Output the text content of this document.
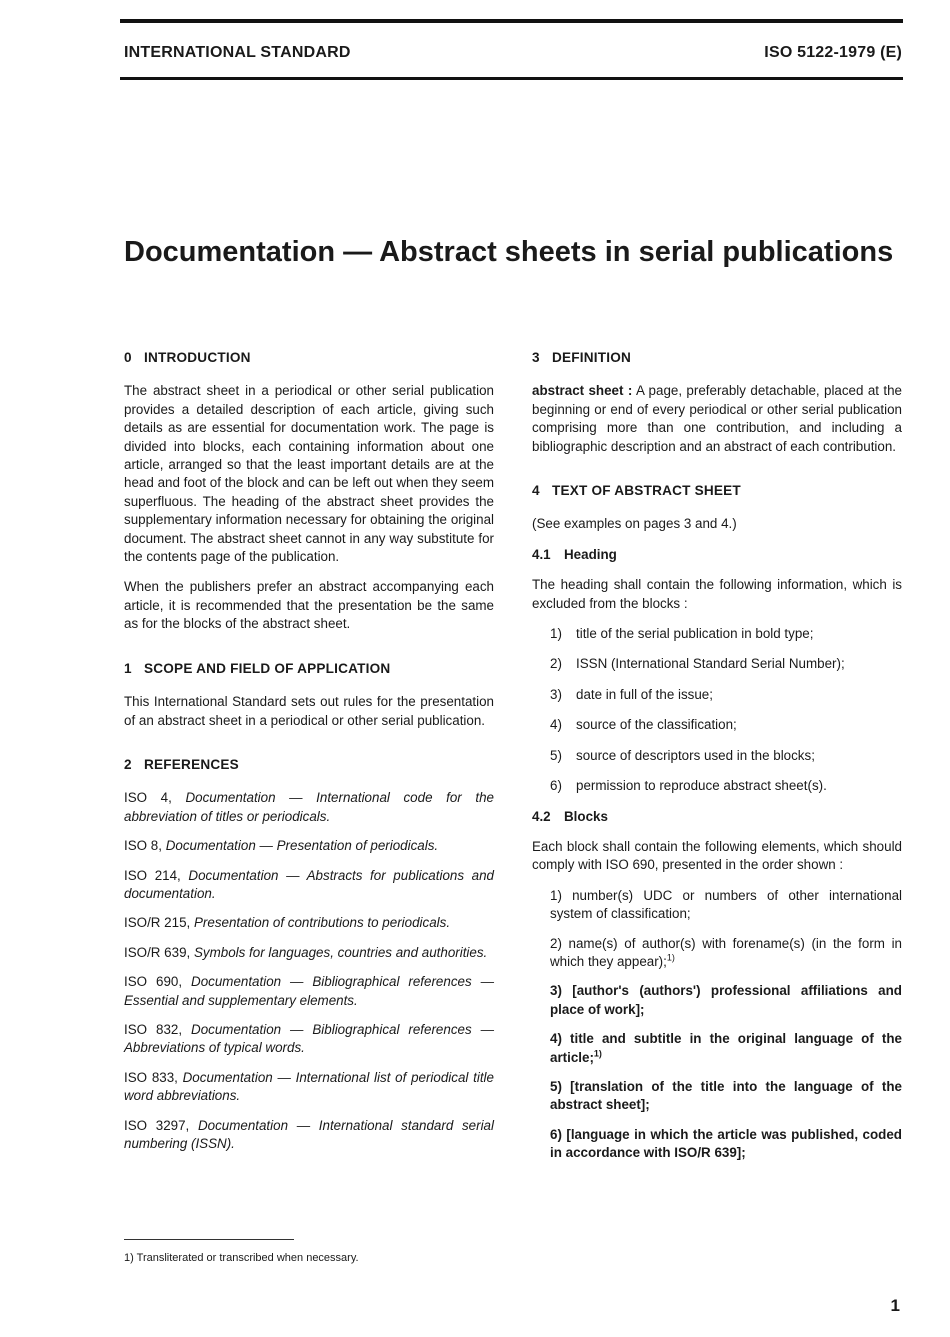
INTERNATIONAL STANDARD	ISO 5122-1979 (E)
Documentation — Abstract sheets in serial publications
0 INTRODUCTION

The abstract sheet in a periodical or other serial publication provides a detailed description of each article, giving such details as are essential for documentation work. The page is divided into blocks, each containing information about one article, arranged so that the least important details are at the head and foot of the block and can be left out when they seem superfluous. The heading of the abstract sheet provides the supplementary information necessary for obtaining the original document. The abstract sheet cannot in any way substitute for the contents page of the publication.

When the publishers prefer an abstract accompanying each article, it is recommended that the presentation be the same as for the blocks of the abstract sheet.

1 SCOPE AND FIELD OF APPLICATION

This International Standard sets out rules for the presentation of an abstract sheet in a periodical or other serial publication.

2 REFERENCES
ISO 4, Documentation — International code for the abbreviation of titles or periodicals.
ISO 8, Documentation — Presentation of periodicals.
ISO 214, Documentation — Abstracts for publications and documentation.
ISO/R 215, Presentation of contributions to periodicals.
ISO/R 639, Symbols for languages, countries and authorities.
ISO 690, Documentation — Bibliographical references — Essential and supplementary elements.
ISO 832, Documentation — Bibliographical references — Abbreviations of typical words.
ISO 833, Documentation — International list of periodical title word abbreviations.
ISO 3297, Documentation — International standard serial numbering (ISSN).
3 DEFINITION

abstract sheet : A page, preferably detachable, placed at the beginning or end of every periodical or other serial publication comprising more than one contribution, and including a bibliographic description and an abstract of each contribution.

4 TEXT OF ABSTRACT SHEET

(See examples on pages 3 and 4.)

4.1 Heading

The heading shall contain the following information, which is excluded from the blocks :

1) title of the serial publication in bold type;
2) ISSN (International Standard Serial Number);
3) date in full of the issue;
4) source of the classification;
5) source of descriptors used in the blocks;
6) permission to reproduce abstract sheet(s).
4.2 Blocks

Each block shall contain the following elements, which should comply with ISO 690, presented in the order shown :

1) number(s) UDC or numbers of other international system of classification;
2) name(s) of author(s) with forename(s) (in the form in which they appear);$^{1)}$
3) [author's (authors') professional affiliations and place of work];
4) title and subtitle in the original language of the article;$^{1)}$
5) [translation of the title into the language of the abstract sheet];
6) [language in which the article was published, coded in accordance with ISO/R 639];
1) Transliterated or transcribed when necessary.
1
